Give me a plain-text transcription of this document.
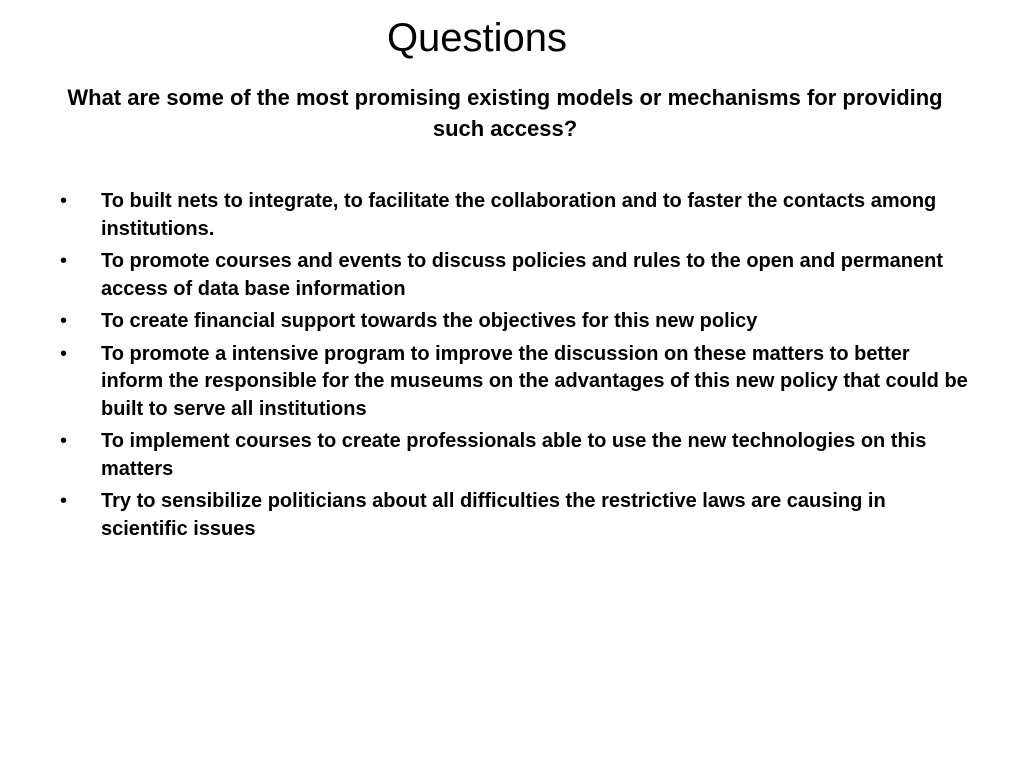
Questions
What are some of the most promising existing models or mechanisms for providing such access?
•	To built nets to integrate, to facilitate the collaboration and to faster the contacts among institutions.
•	To promote courses and events to discuss policies and rules to the open and permanent access of data base information
•	To create financial support towards the objectives for this new policy
•	To promote a intensive program to improve the discussion on these matters to better inform the responsible for the museums on the advantages of this new policy that could be built to serve all institutions
•	To implement courses to create professionals able to use the new technologies on this matters
•	Try to sensibilize politicians about all difficulties the restrictive laws are causing in scientific issues
